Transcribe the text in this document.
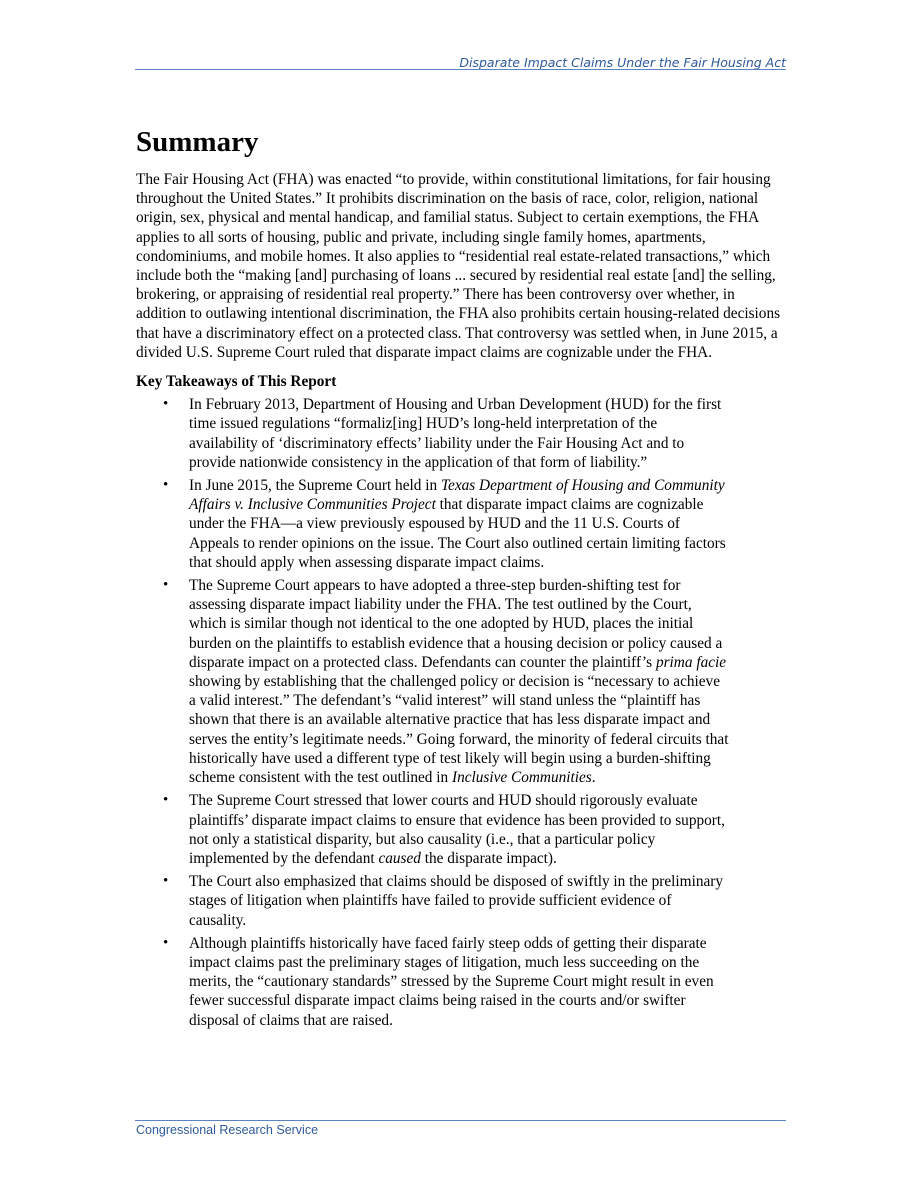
Disparate Impact Claims Under the Fair Housing Act
Summary

The Fair Housing Act (FHA) was enacted “to provide, within constitutional limitations, for fair housing throughout the United States.” It prohibits discrimination on the basis of race, color, religion, national origin, sex, physical and mental handicap, and familial status. Subject to certain exemptions, the FHA applies to all sorts of housing, public and private, including single family homes, apartments, condominiums, and mobile homes. It also applies to “residential real estate-related transactions,” which include both the “making [and] purchasing of loans ... secured by residential real estate [and] the selling, brokering, or appraising of residential real property.” There has been controversy over whether, in addition to outlawing intentional discrimination, the FHA also prohibits certain housing-related decisions that have a discriminatory effect on a protected class. That controversy was settled when, in June 2015, a divided U.S. Supreme Court ruled that disparate impact claims are cognizable under the FHA.

Key Takeaways of This Report
• In February 2013, Department of Housing and Urban Development (HUD) for the first time issued regulations “formaliz[ing] HUD’s long-held interpretation of the availability of ‘discriminatory effects’ liability under the Fair Housing Act and to provide nationwide consistency in the application of that form of liability.”
• In June 2015, the Supreme Court held in Texas Department of Housing and Community Affairs v. Inclusive Communities Project that disparate impact claims are cognizable under the FHA—a view previously espoused by HUD and the 11 U.S. Courts of Appeals to render opinions on the issue. The Court also outlined certain limiting factors that should apply when assessing disparate impact claims.
• The Supreme Court appears to have adopted a three-step burden-shifting test for assessing disparate impact liability under the FHA. The test outlined by the Court, which is similar though not identical to the one adopted by HUD, places the initial burden on the plaintiffs to establish evidence that a housing decision or policy caused a disparate impact on a protected class. Defendants can counter the plaintiff’s prima facie showing by establishing that the challenged policy or decision is “necessary to achieve a valid interest.” The defendant’s “valid interest” will stand unless the “plaintiff has shown that there is an available alternative practice that has less disparate impact and serves the entity’s legitimate needs.” Going forward, the minority of federal circuits that historically have used a different type of test likely will begin using a burden-shifting scheme consistent with the test outlined in Inclusive Communities.
• The Supreme Court stressed that lower courts and HUD should rigorously evaluate plaintiffs’ disparate impact claims to ensure that evidence has been provided to support, not only a statistical disparity, but also causality (i.e., that a particular policy implemented by the defendant caused the disparate impact).
• The Court also emphasized that claims should be disposed of swiftly in the preliminary stages of litigation when plaintiffs have failed to provide sufficient evidence of causality.
• Although plaintiffs historically have faced fairly steep odds of getting their disparate impact claims past the preliminary stages of litigation, much less succeeding on the merits, the “cautionary standards” stressed by the Supreme Court might result in even fewer successful disparate impact claims being raised in the courts and/or swifter disposal of claims that are raised.
Congressional Research Service
